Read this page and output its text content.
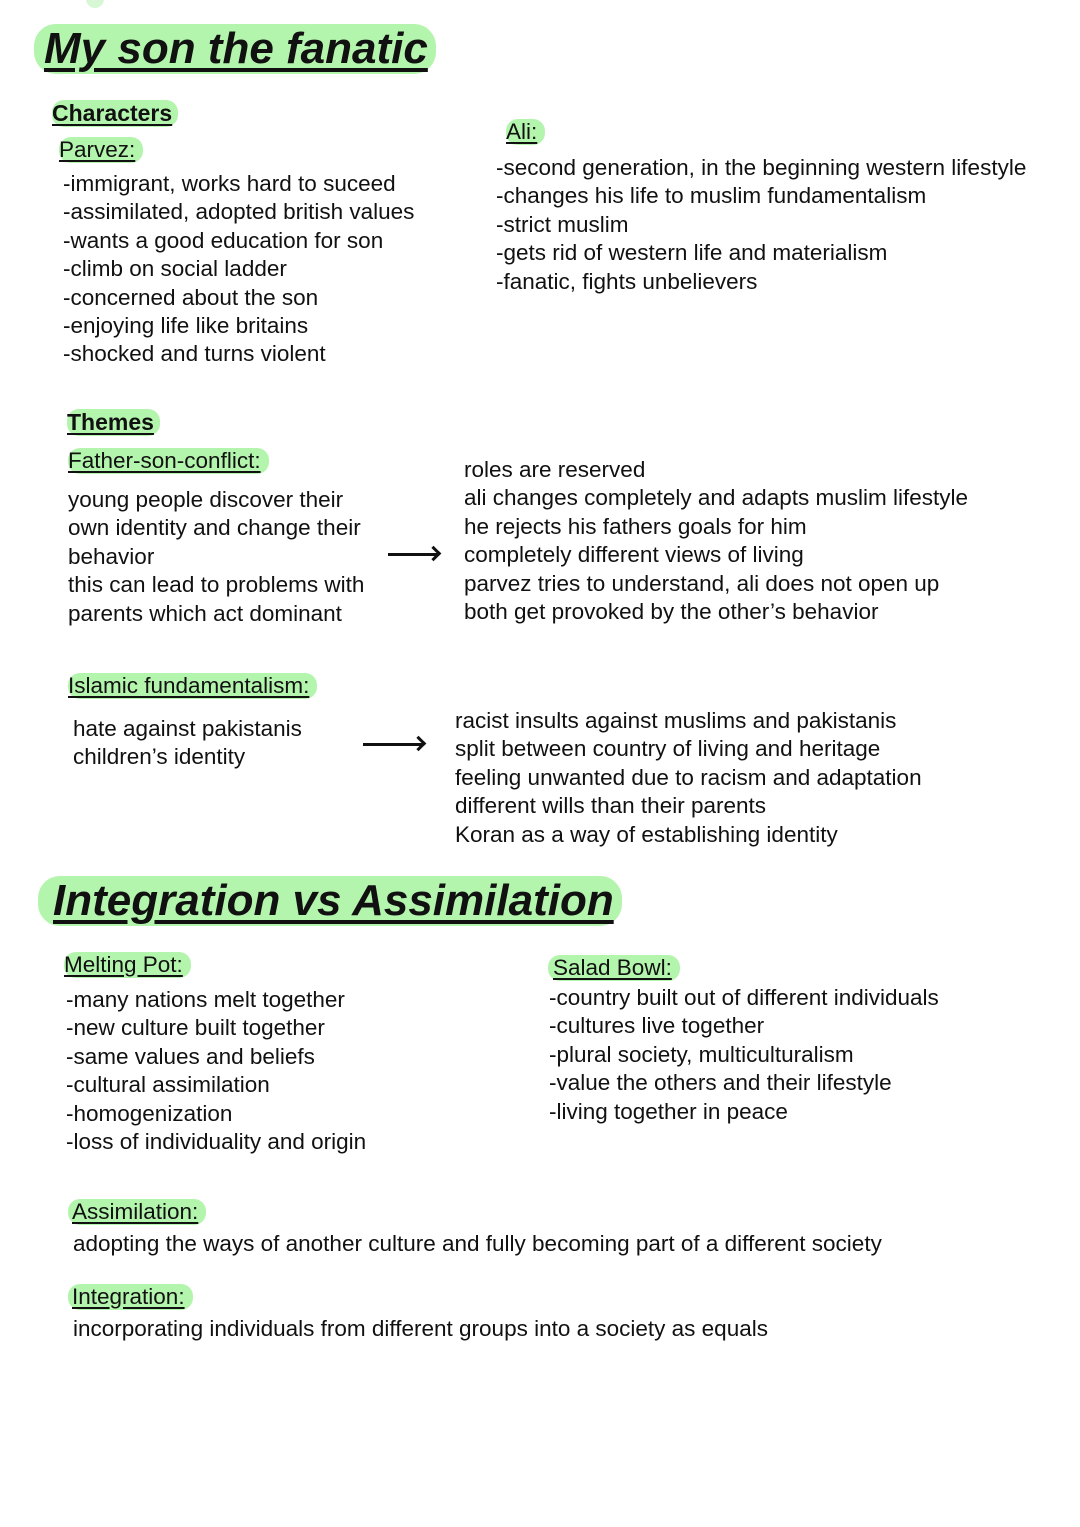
My son the fanatic
Characters
Parvez:
-immigrant, works hard to suceed
-assimilated, adopted british values
-wants a good education for son
-climb on social ladder
-concerned about the son
-enjoying life like britains
-shocked and turns violent
Ali:
-second generation, in the beginning western lifestyle
-changes his life to muslim fundamentalism
-strict muslim
-gets rid of western life and materialism
-fanatic, fights unbelievers
Themes
Father-son-conflict:
young people discover their
own identity and change their
behavior
this can lead to problems with
parents which act dominant
roles are reserved
ali changes completely and adapts muslim lifestyle
he rejects his fathers goals for him
completely different views of living
parvez tries to understand, ali does not open up
both get provoked by the other’s behavior
Islamic fundamentalism:
hate against pakistanis
children’s identity
racist insults against muslims and pakistanis
split between country of living and heritage
feeling unwanted due to racism and adaptation
different wills than their parents
Koran as a way of establishing identity
Integration vs Assimilation
Melting Pot:
-many nations melt together
-new culture built together
-same values and beliefs
-cultural assimilation
-homogenization
-loss of individuality and origin
Salad Bowl:
-country built out of different individuals
-cultures live together
-plural society, multiculturalism
-value the others and their lifestyle
-living together in peace
Assimilation:
adopting the ways of another culture and fully becoming part of a different society
Integration:
incorporating individuals from different groups into a society as equals
